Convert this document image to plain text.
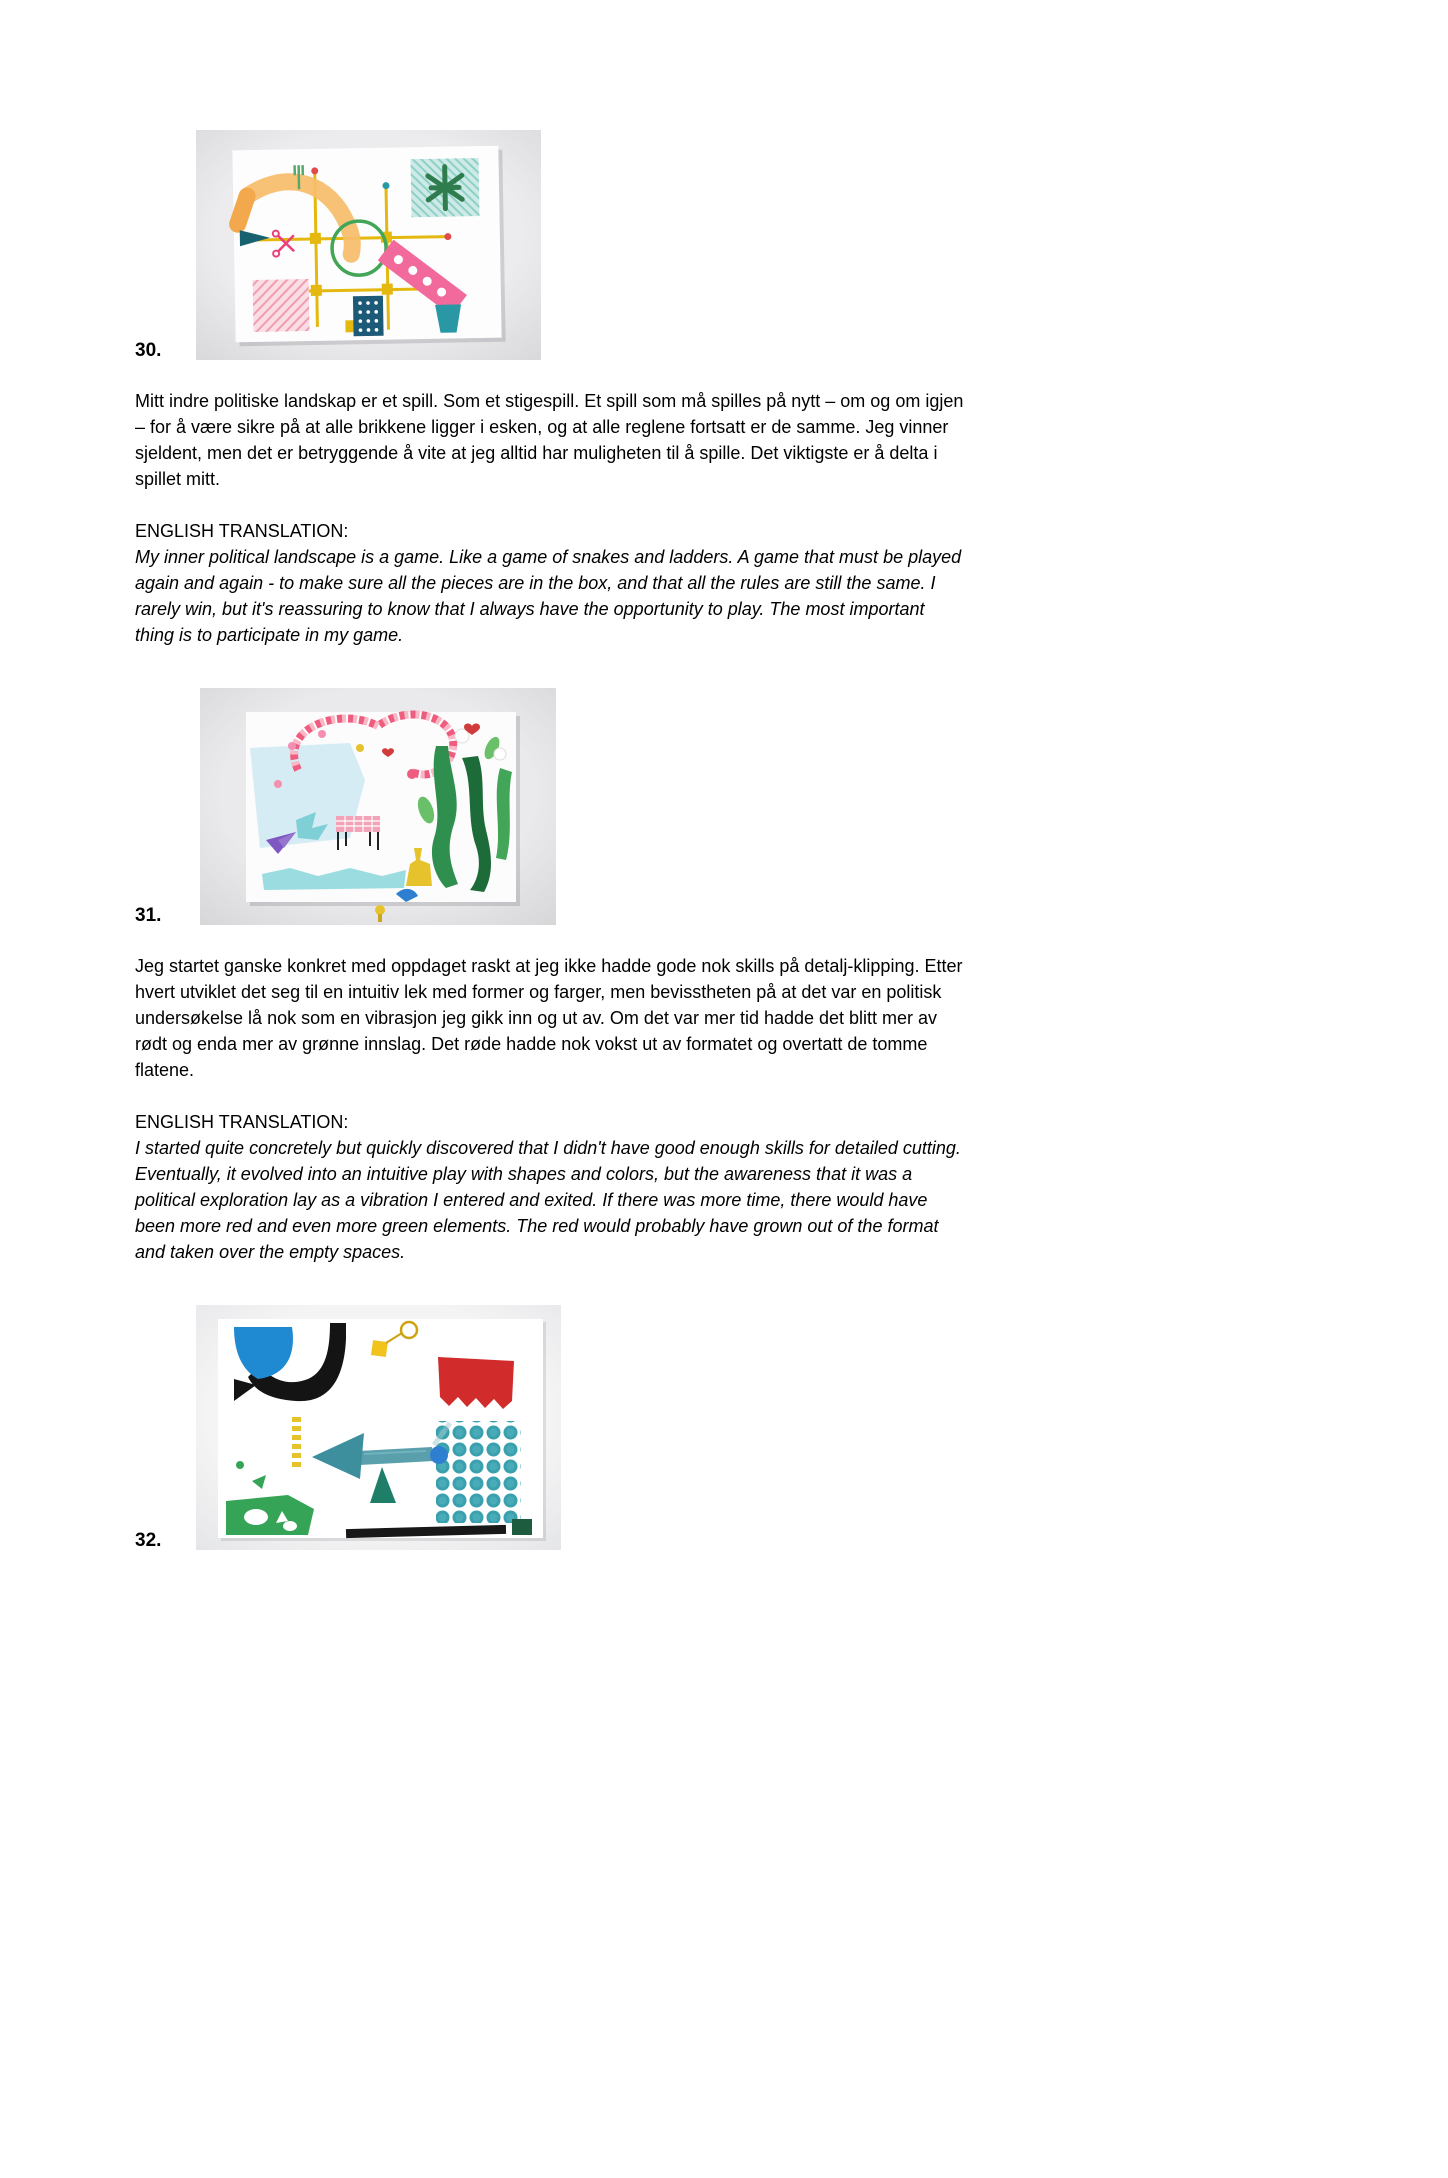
30.

Mitt indre politiske landskap er et spill. Som et stigespill. Et spill som må spilles på nytt – om og om igjen – for å være sikre på at alle brikkene ligger i esken, og at alle reglene fortsatt er de samme. Jeg vinner sjeldent, men det er betryggende å vite at jeg alltid har muligheten til å spille. Det viktigste er å delta i spillet mitt.

ENGLISH TRANSLATION:

My inner political landscape is a game. Like a game of snakes and ladders. A game that must be played again and again - to make sure all the pieces are in the box, and that all the rules are still the same. I rarely win, but it's reassuring to know that I always have the opportunity to play. The most important thing is to participate in my game.

31.

Jeg startet ganske konkret med oppdaget raskt at jeg ikke hadde gode nok skills på detalj-klipping. Etter hvert utviklet det seg til en intuitiv lek med former og farger, men bevisstheten på at det var en politisk undersøkelse lå nok som en vibrasjon jeg gikk inn og ut av. Om det var mer tid hadde det blitt mer av rødt og enda mer av grønne innslag. Det røde hadde nok vokst ut av formatet og overtatt de tomme flatene.

ENGLISH TRANSLATION:

I started quite concretely but quickly discovered that I didn't have good enough skills for detailed cutting. Eventually, it evolved into an intuitive play with shapes and colors, but the awareness that it was a political exploration lay as a vibration I entered and exited. If there was more time, there would have been more red and even more green elements. The red would probably have grown out of the format and taken over the empty spaces.

32.
